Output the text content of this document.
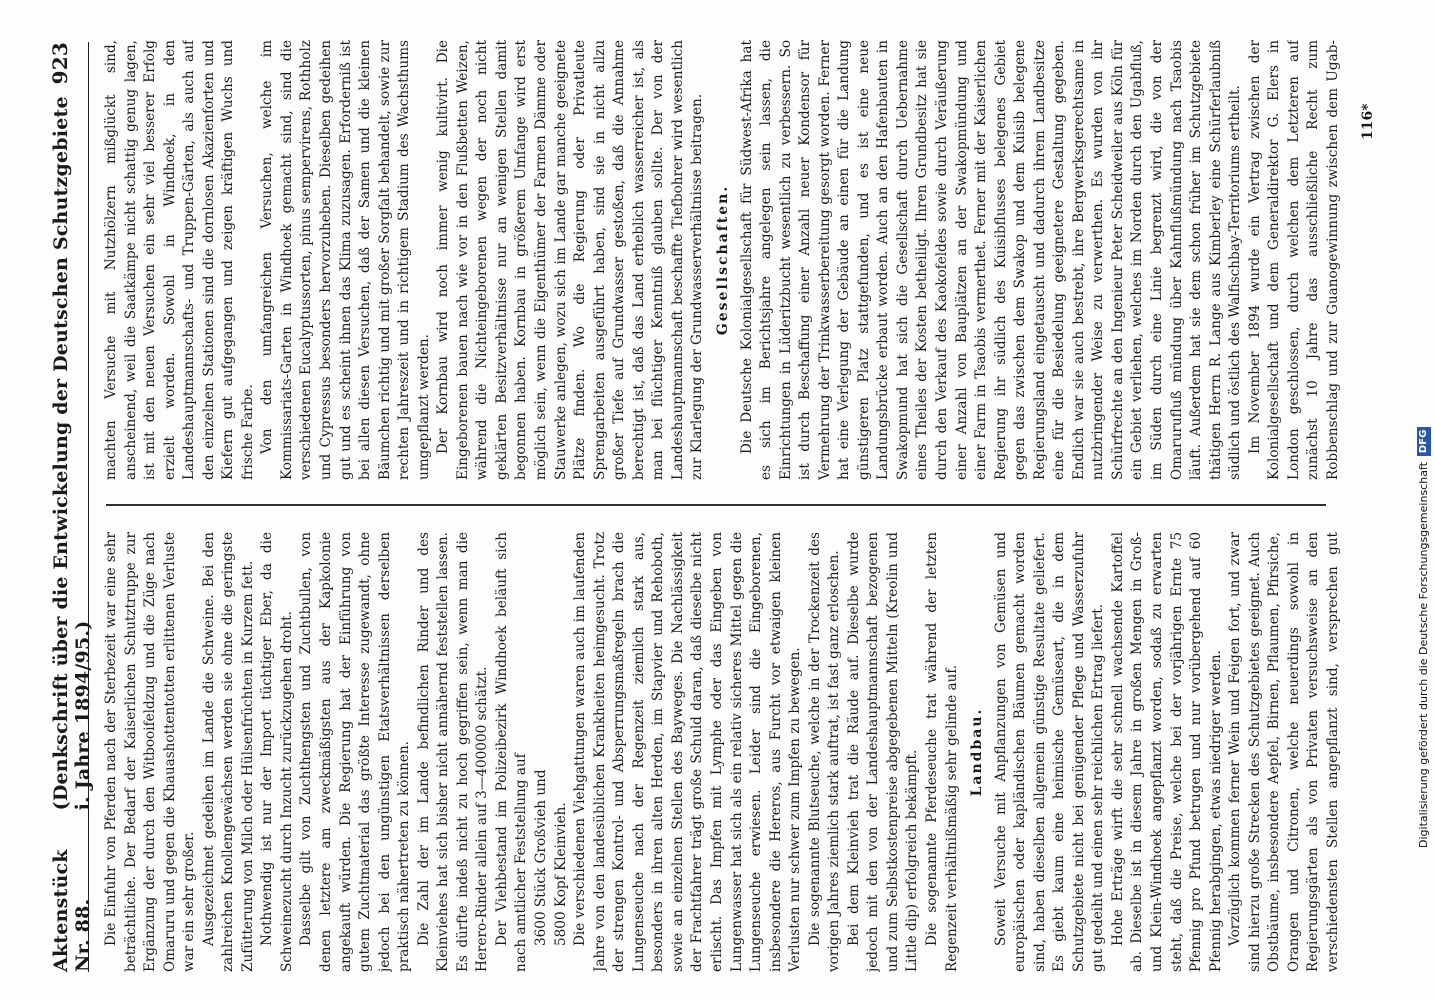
Aktenstück Nr. 88.
(Denkschrift über die Entwickelung der Deutschen Schutzgebiete i. Jahre 1894/95.)
923

Die Einfuhr von Pferden nach der Sterbezeit war eine sehr beträchtliche. Der Bedarf der Kaiserlichen Schutztruppe zur Ergänzung der durch den Witbooifeldzug und die Züge nach Omaruru und gegen die Khauashottentotten erlittenen Verluste war ein sehr großer. Ausgezeichnet gedeihen im Lande die Schweine. Bei den zahlreichen Knollengewächsen werden sie ohne die geringste Zufütterung von Milch oder Hülsenfrüchten in Kurzem fett. Nothwendig ist nur der Import tüchtiger Eber, da die Schweinezucht durch Inzucht zurückzugehen droht. Dasselbe gilt von Zuchthengsten und Zuchtbullen, von denen letztere am zweckmäßigsten aus der Kapkolonie angekauft würden. Die Regierung hat der Einführung von gutem Zuchtmaterial das größte Interesse zugewandt, ohne jedoch bei den ungünstigen Etatsverhältnissen derselben praktisch nähertreten zu können. Die Zahl der im Lande befindlichen Rinder und des Kleinviehes hat sich bisher nicht annähernd feststellen lassen. Es dürfte indeß nicht zu hoch gegriffen sein, wenn man die Herero-Rinder allein auf 3—400000 schätzt. Der Viehbestand im Polizeibezirk Windhoek beläuft sich nach amtlicher Feststellung auf 3600 Stück Großvieh und 5800 Kopf Kleinvieh. Die verschiedenen Viehgattungen waren auch im laufenden Jahre von den landesüblichen Krankheiten heimgesucht. Trotz der strengen Kontrol- und Absperrungsmaßregeln brach die Lungenseuche nach der Regenzeit ziemlich stark aus, besonders in ihren alten Herden, im Stapvier und Rehoboth, sowie an einzelnen Stellen des Bayweges. Die Nachlässigkeit der Frachtfahrer trägt große Schuld daran, daß dieselbe nicht erlischt. Das Impfen mit Lymphe oder das Eingeben von Lungenwasser hat sich als ein relativ sicheres Mittel gegen die Lungenseuche erwiesen. Leider sind die Eingeborenen, insbesondere die Hereros, aus Furcht vor etwaigen kleinen Verlusten nur schwer zum Impfen zu bewegen. Die sogenannte Blutseuche, welche in der Trockenzeit des vorigen Jahres ziemlich stark auftrat, ist fast ganz erloschen. Bei dem Kleinvieh trat die Räude auf. Dieselbe wurde jedoch mit den von der Landeshauptmannschaft bezogenen und zum Selbstkostenpreise abgegebenen Mitteln (Kreolin und Little dip) erfolgreich bekämpft. Die sogenannte Pferdeseuche trat während der letzten Regenzeit verhältnißmäßig sehr gelinde auf. Landbau. Soweit Versuche mit Anpflanzungen von Gemüsen und europäischen oder kapländischen Bäumen gemacht worden sind, haben dieselben allgemein günstige Resultate geliefert. Es giebt kaum eine heimische Gemüseart, die in dem Schutzgebiete nicht bei genügender Pflege und Wasserzufuhr gut gedeiht und einen sehr reichlichen Ertrag liefert. Hohe Erträge wirft die sehr schnell wachsende Kartoffel ab. Dieselbe ist in diesem Jahre in großen Mengen in Groß- und Klein-Windhoek angepflanzt worden, sodaß zu erwarten steht, daß die Preise, welche bei der vorjährigen Ernte 75 Pfennig pro Pfund betrugen und nur vorübergehend auf 60 Pfennig herabgingen, etwas niedriger werden. Vorzüglich kommen ferner Wein und Feigen fort, und zwar sind hierzu große Strecken des Schutzgebietes geeignet. Auch Obstbäume, insbesondere Aepfel, Birnen, Pflaumen, Pfirsiche, Orangen und Citronen, welche neuerdings sowohl in Regierungsgärten als von Privaten versuchsweise an den verschiedensten Stellen angepflanzt sind, versprechen gut

machten Versuche mit Nutzhölzern mißglückt sind, anscheinend, weil die Saatkämpe nicht schattig genug lagen, ist mit den neuen Versuchen ein sehr viel besserer Erfolg erzielt worden. Sowohl in Windhoek, in den Landeshauptmannschafts- und Truppen-Gärten, als auch auf den einzelnen Stationen sind die dornlosen Akazienforten und Kiefern gut aufgegangen und zeigen kräftigen Wuchs und frische Farbe. Von den umfangreichen Versuchen, welche im Kommissariats-Garten in Windhoek gemacht sind, sind die verschiedenen Eucalyptussorten, pinus sempervirens, Rothholz und Cypressus besonders hervorzuheben. Dieselben gedeihen gut und es scheint ihnen das Klima zuzusagen. Erforderniß ist bei allen diesen Versuchen, daß der Samen und die kleinen Bäumchen richtig und mit großer Sorgfalt behandelt, sowie zur rechten Jahreszeit und in richtigem Stadium des Wachsthums umgepflanzt werden. Der Kornbau wird noch immer wenig kultivirt. Die Eingeborenen bauen nach wie vor in den Flußbetten Weizen, während die Nichteingeborenen wegen der noch nicht geklärten Besitzverhältnisse nur an wenigen Stellen damit begonnen haben. Kornbau in größerem Umfange wird erst möglich sein, wenn die Eigenthümer der Farmen Dämme oder Stauwerke anlegen, wozu sich im Lande gar manche geeignete Plätze finden. Wo die Regierung oder Privatleute Sprengarbeiten ausgeführt haben, sind sie in nicht allzu großer Tiefe auf Grundwasser gestoßen, daß die Annahme berechtigt ist, daß das Land erheblich wasserreicher ist, als man bei flüchtiger Kenntniß glauben sollte. Der von der Landeshauptmannschaft beschaffte Tiefbohrer wird wesentlich zur Klarlegung der Grundwasserverhältnisse beitragen. Gesellschaften. Die Deutsche Kolonialgesellschaft für Südwest-Afrika hat es sich im Berichtsjahre angelegen sein lassen, die Einrichtungen in Lüderitzbucht wesentlich zu verbessern. So ist durch Beschaffung einer Anzahl neuer Kondensor für Vermehrung der Trinkwasserbereitung gesorgt worden. Ferner hat eine Verlegung der Gebäude an einen für die Landung günstigeren Platz stattgefunden, und es ist eine neue Landungsbrücke erbaut worden. Auch an den Hafenbauten in Swakopmund hat sich die Gesellschaft durch Uebernahme eines Theiles der Kosten betheiligt. Ihren Grundbesitz hat sie durch den Verkauf des Kaokofeldes sowie durch Veräußerung einer Anzahl von Bauplätzen an der Swakopmündung und einer Farm in Tsaobis vermerthet. Ferner mit der Kaiserlichen Regierung ihr südlich des Kuisibflusses belegenes Gebiet gegen das zwischen dem Swakop und dem Kuisib belegene Regierungsland eingetauscht und dadurch ihrem Landbesitze eine für die Besiedelung geeignetere Gestaltung gegeben. Endlich war sie auch bestrebt, ihre Bergwerksgerechtsame in nutzbringender Weise zu verwerthen. Es wurden von ihr Schürfrechte an den Ingenieur Peter Scheidweiler aus Köln für ein Gebiet verliehen, welches im Norden durch den Ugabfluß, im Süden durch eine Linie begrenzt wird, die von der Omarurufluß mündung über Kahnflußmündung nach Tsaobis läuft. Außerdem hat sie dem schon früher im Schutzgebiete thätigen Herrn R. Lange aus Kimberley eine Schürferlaubniß südlich und östlich des Walfischbay-Territoriums ertheilt. Im November 1894 wurde ein Vertrag zwischen der Kolonialgesellschaft und dem Generaldirektor G. Elers in London geschlossen, durch welchen dem Letzteren auf zunächst 10 Jahre das ausschließliche Recht zum Robbenschlag und zur Guanogewinnung zwischen dem Ugab-

116*
Digitalisierung gefördert durch die Deutsche Forschungsgemeinschaft
DFG
